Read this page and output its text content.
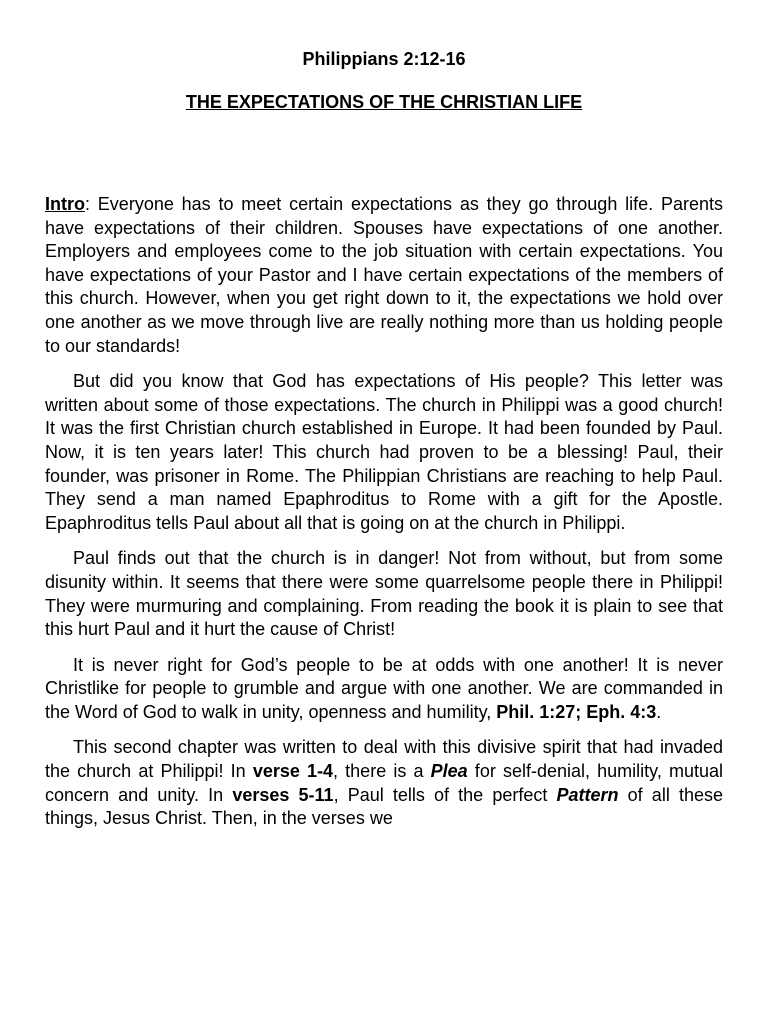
Philippians 2:12-16
THE EXPECTATIONS OF THE CHRISTIAN LIFE

Intro: Everyone has to meet certain expectations as they go through life. Parents have expectations of their children. Spouses have expectations of one another. Employers and employees come to the job situation with certain expectations. You have expectations of your Pastor and I have certain expectations of the members of this church. However, when you get right down to it, the expectations we hold over one another as we move through live are really nothing more than us holding people to our standards!

But did you know that God has expectations of His people? This letter was written about some of those expectations. The church in Philippi was a good church! It was the first Christian church established in Europe. It had been founded by Paul. Now, it is ten years later! This church had proven to be a blessing! Paul, their founder, was prisoner in Rome. The Philippian Christians are reaching to help Paul. They send a man named Epaphroditus to Rome with a gift for the Apostle. Epaphroditus tells Paul about all that is going on at the church in Philippi.

Paul finds out that the church is in danger! Not from without, but from some disunity within. It seems that there were some quarrelsome people there in Philippi! They were murmuring and complaining. From reading the book it is plain to see that this hurt Paul and it hurt the cause of Christ!

It is never right for God’s people to be at odds with one another! It is never Christlike for people to grumble and argue with one another. We are commanded in the Word of God to walk in unity, openness and humility, Phil. 1:27; Eph. 4:3.

This second chapter was written to deal with this divisive spirit that had invaded the church at Philippi! In verse 1-4, there is a Plea for self-denial, humility, mutual concern and unity. In verses 5-11, Paul tells of the perfect Pattern of all these things, Jesus Christ. Then, in the verses we
